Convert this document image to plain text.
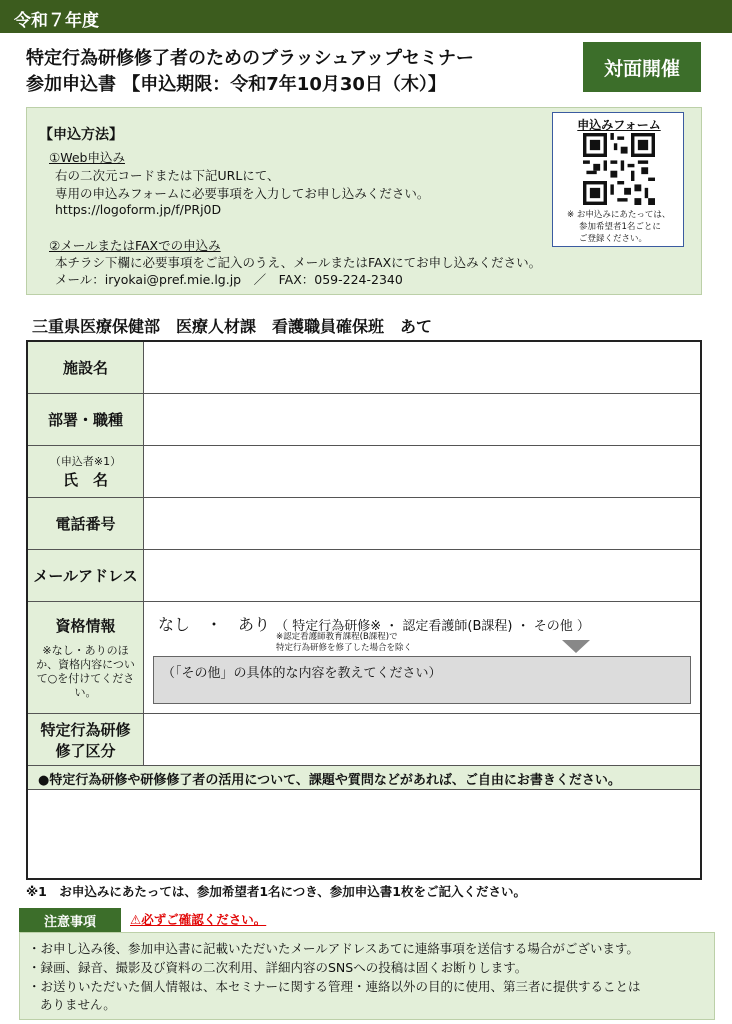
令和７年度
特定行為研修修了者のためのブラッシュアップセミナー
参加申込書 【申込期限：令和7年10月30日（木）】
対面開催
【申込方法】
①Web申込み
右の二次元コードまたは下記URLにて、
専用の申込みフォームに必要事項を入力してお申し込みください。
https://logoform.jp/f/PRj0D
②メールまたはFAXでの申込み
本チラシ下欄に必要事項をご記入のうえ、メールまたはFAXにてお申し込みください。
メール：iryokai@pref.mie.lg.jp　／　FAX：059-224-2340
申込みフォーム
※ お申込みにあたっては、
参加希望者1名ごとに
ご登録ください。
三重県医療保健部　医療人材課　看護職員確保班　あて
施設名
部署・職種
（申込者※1）
氏　名
電話番号
メールアドレス
資格情報
※なし・ありのほか、資格内容について○を付けてください。
なし　・　あり （ 特定行為研修※ ・ 認定看護師(B課程) ・ その他 ）
※認定看護師教育課程(B課程)で
特定行為研修を修了した場合を除く
（「その他」の具体的な内容を教えてください）
特定行為研修
修了区分
●特定行為研修や研修修了者の活用について、課題や質問などがあれば、ご自由にお書きください。
※1　お申込みにあたっては、参加希望者1名につき、参加申込書1枚をご記入ください。
注意事項	⚠必ずご確認ください。
・お申し込み後、参加申込書に記載いただいたメールアドレスあてに連絡事項を送信する場合がございます。
・録画、録音、撮影及び資料の二次利用、詳細内容のSNSへの投稿は固くお断りします。
・お送りいただいた個人情報は、本セミナーに関する管理・連絡以外の目的に使用、第三者に提供することは
ありません。
